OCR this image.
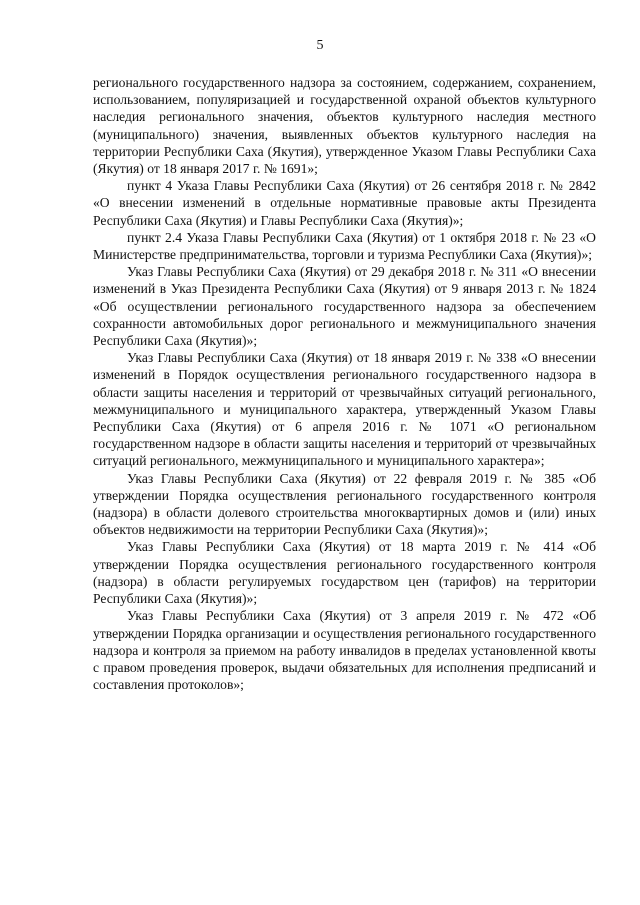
5

регионального государственного надзора за состоянием, содержанием, сохранением, использованием, популяризацией и государственной охраной объектов культурного наследия регионального значения, объектов культурного наследия местного (муниципального) значения, выявленных объектов культурного наследия на территории Республики Саха (Якутия), утвержденное Указом Главы Республики Саха (Якутия) от 18 января 2017 г. № 1691»;

пункт 4 Указа Главы Республики Саха (Якутия) от 26 сентября 2018 г. № 2842 «О внесении изменений в отдельные нормативные правовые акты Президента Республики Саха (Якутия) и Главы Республики Саха (Якутия)»;

пункт 2.4 Указа Главы Республики Саха (Якутия) от 1 октября 2018 г. № 23 «О Министерстве предпринимательства, торговли и туризма Республики Саха (Якутия)»;

Указ Главы Республики Саха (Якутия) от 29 декабря 2018 г. № 311 «О внесении изменений в Указ Президента Республики Саха (Якутия) от 9 января 2013 г. № 1824 «Об осуществлении регионального государственного надзора за обеспечением сохранности автомобильных дорог регионального и межмуниципального значения Республики Саха (Якутия)»;

Указ Главы Республики Саха (Якутия) от 18 января 2019 г. № 338 «О внесении изменений в Порядок осуществления регионального государственного надзора в области защиты населения и территорий от чрезвычайных ситуаций регионального, межмуниципального и муниципального характера, утвержденный Указом Главы Республики Саха (Якутия) от 6 апреля 2016 г. № 1071 «О региональном государственном надзоре в области защиты населения и территорий от чрезвычайных ситуаций регионального, межмуниципального и муниципального характера»;

Указ Главы Республики Саха (Якутия) от 22 февраля 2019 г. № 385 «Об утверждении Порядка осуществления регионального государственного контроля (надзора) в области долевого строительства многоквартирных домов и (или) иных объектов недвижимости на территории Республики Саха (Якутия)»;

Указ Главы Республики Саха (Якутия) от 18 марта 2019 г. № 414 «Об утверждении Порядка осуществления регионального государственного контроля (надзора) в области регулируемых государством цен (тарифов) на территории Республики Саха (Якутия)»;

Указ Главы Республики Саха (Якутия) от 3 апреля 2019 г. № 472 «Об утверждении Порядка организации и осуществления регионального государственного надзора и контроля за приемом на работу инвалидов в пределах установленной квоты с правом проведения проверок, выдачи обязательных для исполнения предписаний и составления протоколов»;
